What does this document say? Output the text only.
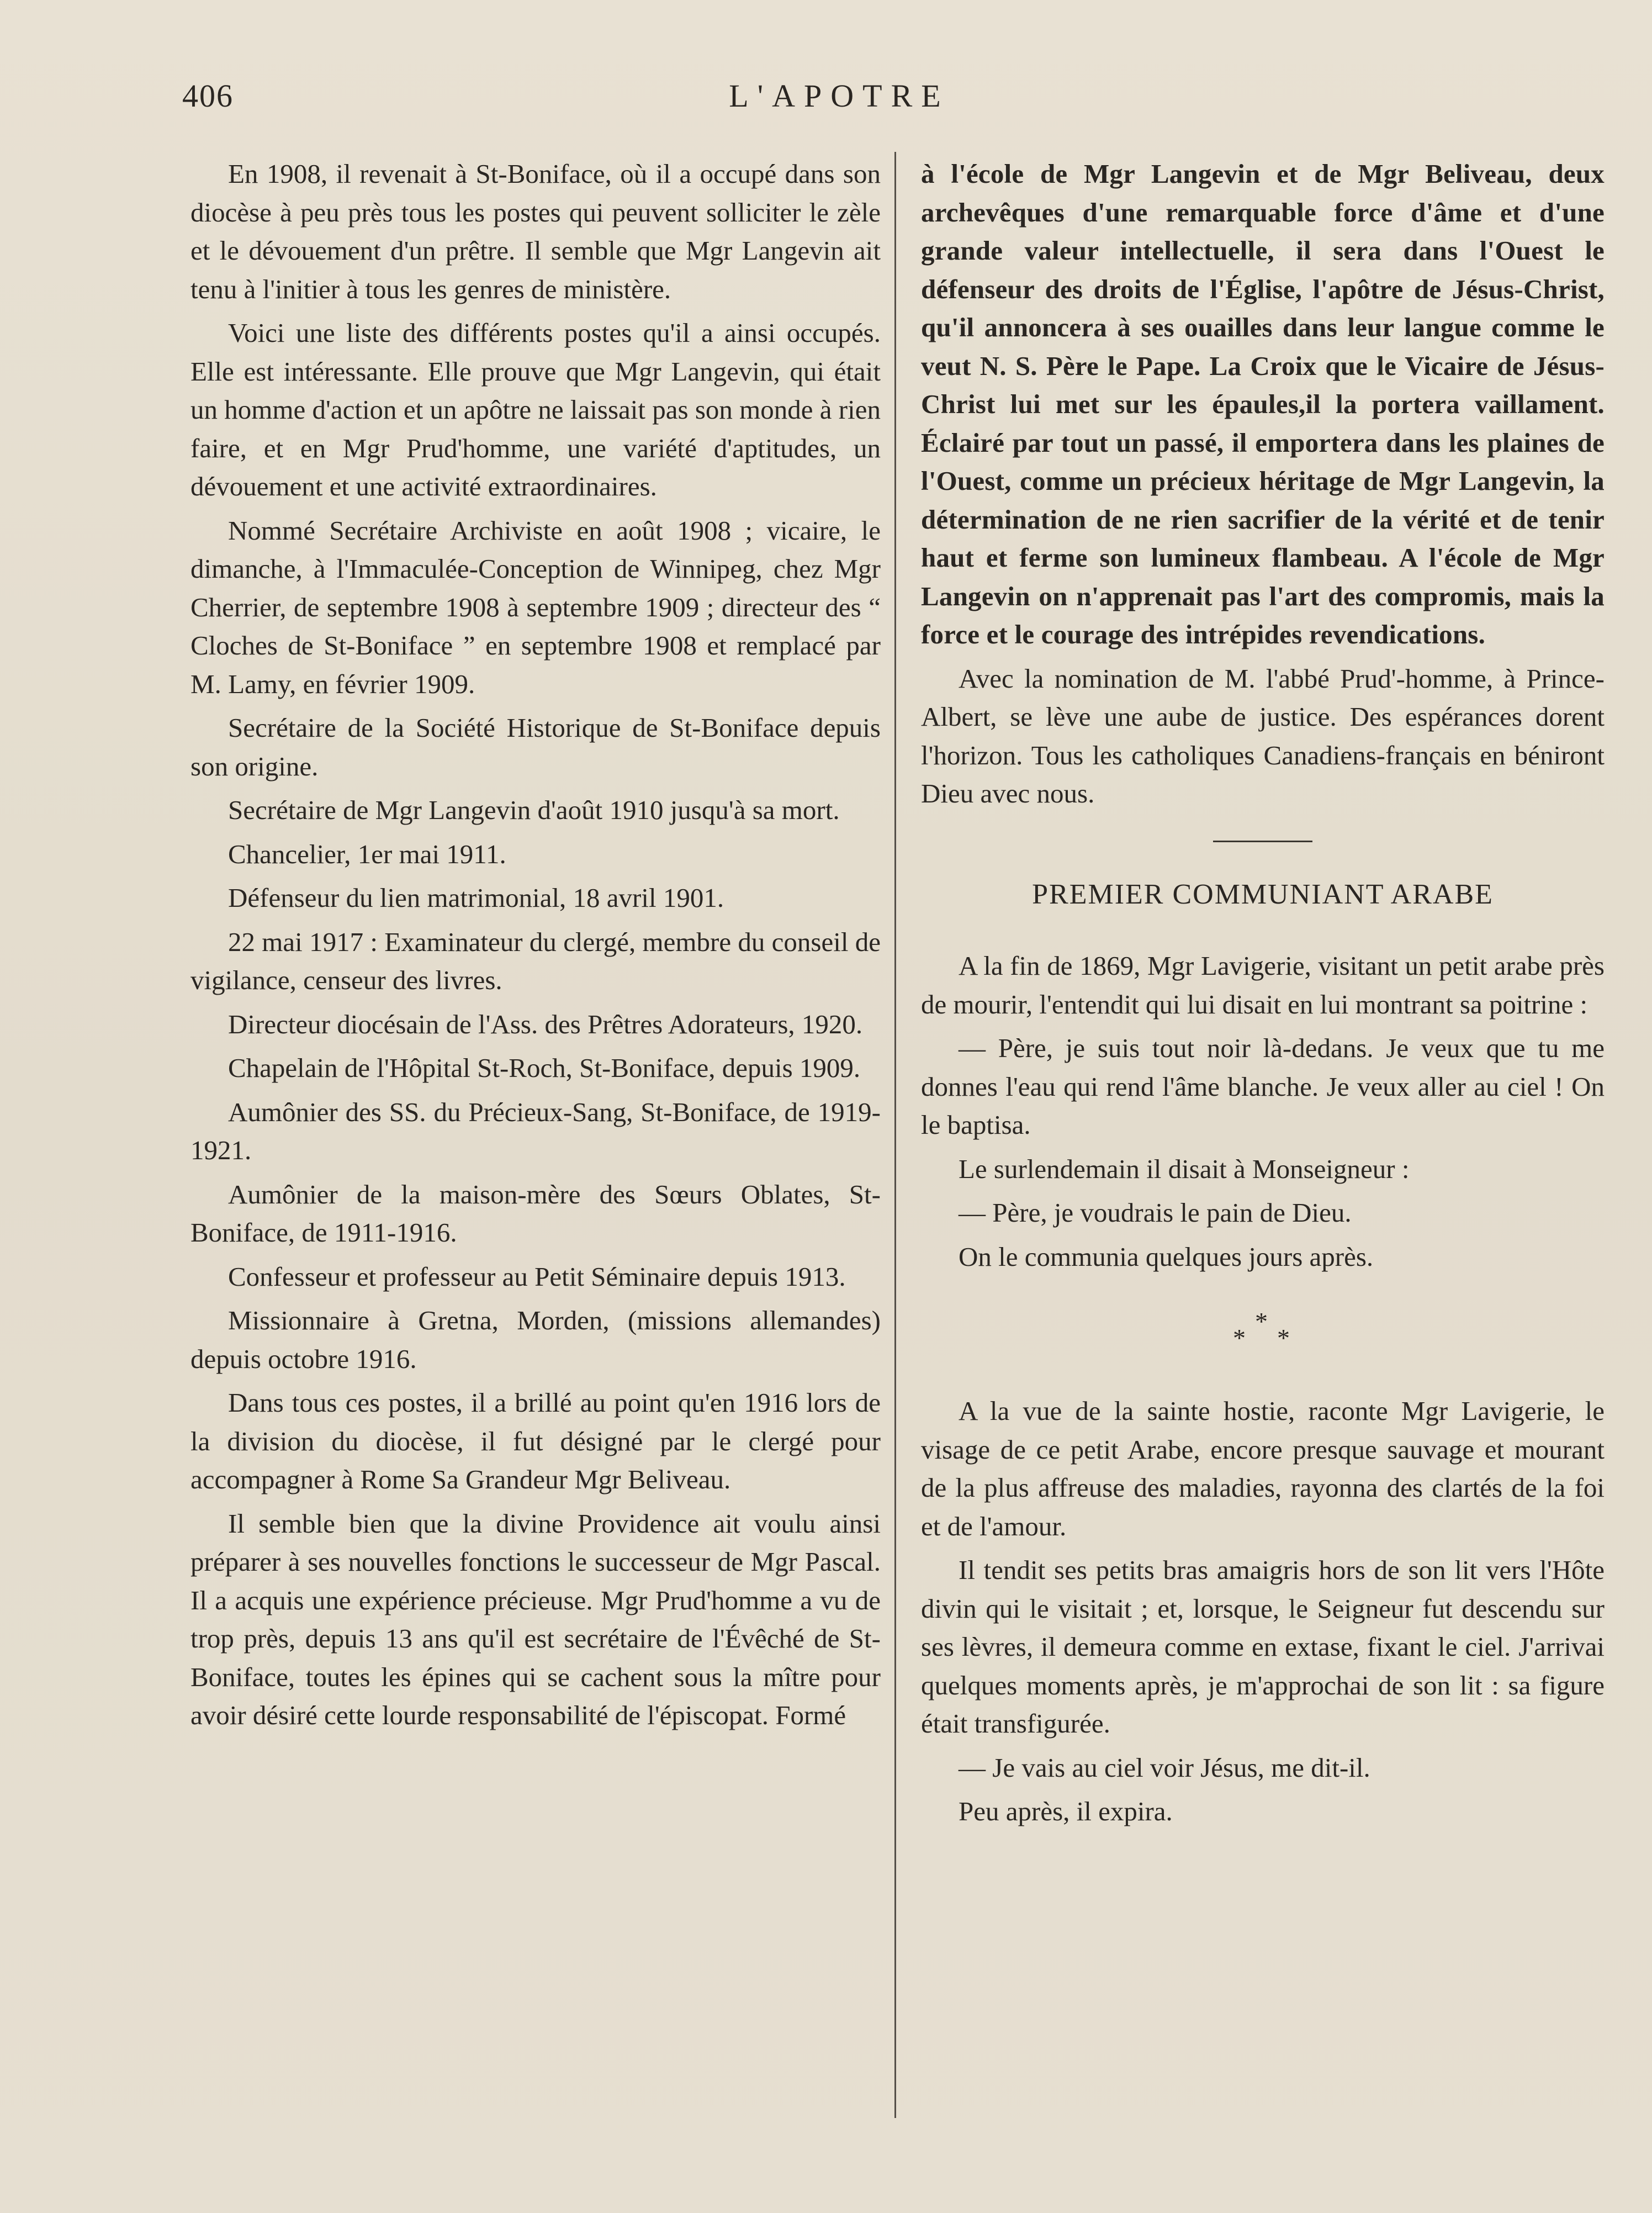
406	L'APOTRE

En 1908, il revenait à St-Boniface, où il a occupé dans son diocèse à peu près tous les postes qui peuvent solliciter le zèle et le dévouement d'un prêtre. Il semble que Mgr Langevin ait tenu à l'initier à tous les genres de ministère.

Voici une liste des différents postes qu'il a ainsi occupés. Elle est intéressante. Elle prouve que Mgr Langevin, qui était un homme d'action et un apôtre ne laissait pas son monde à rien faire, et en Mgr Prud'homme, une variété d'aptitudes, un dévouement et une activité extraordinaires.

Nommé Secrétaire Archiviste en août 1908 ; vicaire, le dimanche, à l'Immaculée-Conception de Winnipeg, chez Mgr Cherrier, de septembre 1908 à septembre 1909 ; directeur des “ Cloches de St-Boniface ” en septembre 1908 et remplacé par M. Lamy, en février 1909.

Secrétaire de la Société Historique de St-Boniface depuis son origine.

Secrétaire de Mgr Langevin d'août 1910 jusqu'à sa mort.

Chancelier, 1er mai 1911.

Défenseur du lien matrimonial, 18 avril 1901.

22 mai 1917 : Examinateur du clergé, membre du conseil de vigilance, censeur des livres.

Directeur diocésain de l'Ass. des Prêtres Adorateurs, 1920.

Chapelain de l'Hôpital St-Roch, St-Boniface, depuis 1909.

Aumônier des SS. du Précieux-Sang, St-Boniface, de 1919-1921.

Aumônier de la maison-mère des Sœurs Oblates, St-Boniface, de 1911-1916.

Confesseur et professeur au Petit Séminaire depuis 1913.

Missionnaire à Gretna, Morden, (missions allemandes) depuis octobre 1916.

Dans tous ces postes, il a brillé au point qu'en 1916 lors de la division du diocèse, il fut désigné par le clergé pour accompagner à Rome Sa Grandeur Mgr Beliveau.

Il semble bien que la divine Providence ait voulu ainsi préparer à ses nouvelles fonctions le successeur de Mgr Pascal. Il a acquis une expérience précieuse. Mgr Prud'homme a vu de trop près, depuis 13 ans qu'il est secrétaire de l'Évêché de St-Boniface, toutes les épines qui se cachent sous la mître pour avoir désiré cette lourde responsabilité de l'épiscopat. Formé

à l'école de Mgr Langevin et de Mgr Beliveau, deux archevêques d'une remarquable force d'âme et d'une grande valeur intellectuelle, il sera dans l'Ouest le défenseur des droits de l'Église, l'apôtre de Jésus-Christ, qu'il annoncera à ses ouailles dans leur langue comme le veut N. S. Père le Pape. La Croix que le Vicaire de Jésus-Christ lui met sur les épaules,il la portera vaillament. Éclairé par tout un passé, il emportera dans les plaines de l'Ouest, comme un précieux héritage de Mgr Langevin, la détermination de ne rien sacrifier de la vérité et de tenir haut et ferme son lumineux flambeau. A l'école de Mgr Langevin on n'apprenait pas l'art des compromis, mais la force et le courage des intrépides revendications.

Avec la nomination de M. l'abbé Prud'-homme, à Prince-Albert, se lève une aube de justice. Des espérances dorent l'horizon. Tous les catholiques Canadiens-français en béniront Dieu avec nous.

PREMIER COMMUNIANT ARABE

A la fin de 1869, Mgr Lavigerie, visitant un petit arabe près de mourir, l'entendit qui lui disait en lui montrant sa poitrine :

— Père, je suis tout noir là-dedans. Je veux que tu me donnes l'eau qui rend l'âme blanche. Je veux aller au ciel ! On le baptisa.

Le surlendemain il disait à Monseigneur :

— Père, je voudrais le pain de Dieu.

On le communia quelques jours après.

*
*
*

A la vue de la sainte hostie, raconte Mgr Lavigerie, le visage de ce petit Arabe, encore presque sauvage et mourant de la plus affreuse des maladies, rayonna des clartés de la foi et de l'amour.

Il tendit ses petits bras amaigris hors de son lit vers l'Hôte divin qui le visitait ; et, lorsque, le Seigneur fut descendu sur ses lèvres, il demeura comme en extase, fixant le ciel. J'arrivai quelques moments après, je m'approchai de son lit : sa figure était transfigurée.

— Je vais au ciel voir Jésus, me dit-il.

Peu après, il expira.
